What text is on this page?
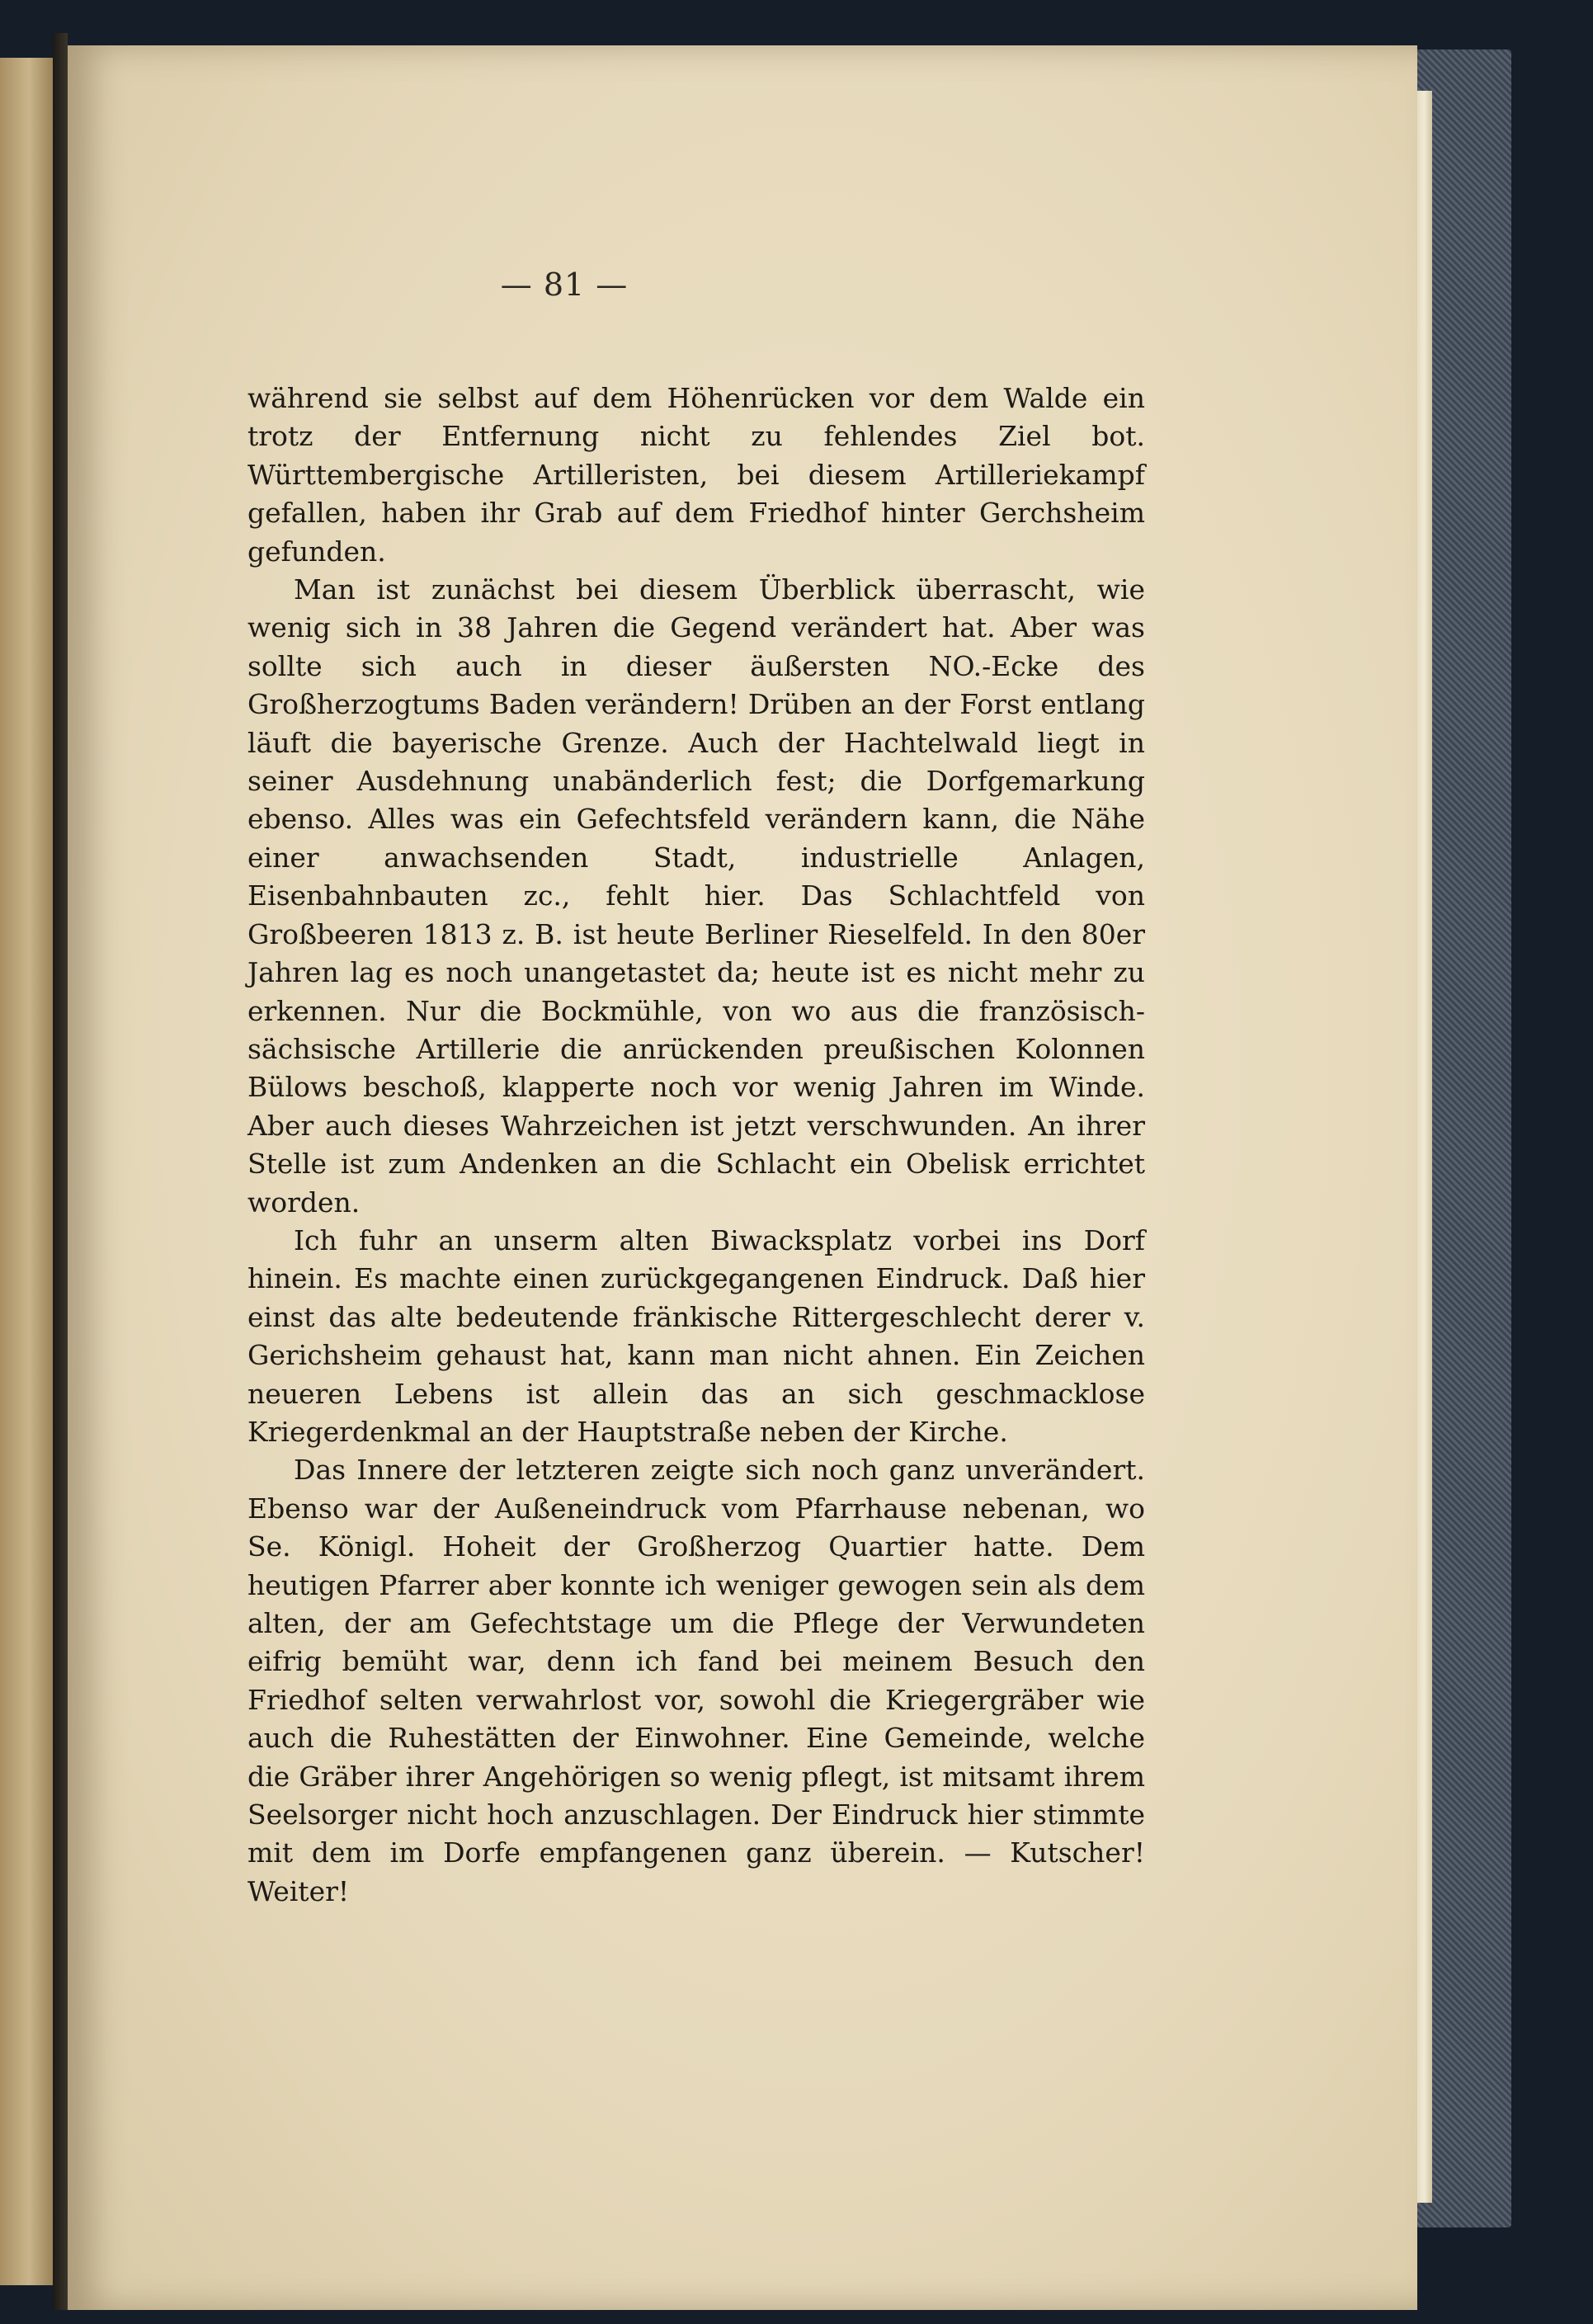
— 81 —

während sie selbst auf dem Höhenrücken vor dem Walde ein trotz der Entfernung nicht zu fehlendes Ziel bot. Württembergische Artilleristen, bei diesem Artilleriekampf gefallen, haben ihr Grab auf dem Friedhof hinter Gerchsheim gefunden.

Man ist zunächst bei diesem Überblick überrascht, wie wenig sich in 38 Jahren die Gegend verändert hat. Aber was sollte sich auch in dieser äußersten NO.-Ecke des Großherzogtums Baden verändern! Drüben an der Forst entlang läuft die bayerische Grenze. Auch der Hachtelwald liegt in seiner Ausdehnung unabänderlich fest; die Dorfgemarkung ebenso. Alles was ein Gefechtsfeld verändern kann, die Nähe einer anwachsenden Stadt, industrielle Anlagen, Eisenbahnbauten zc., fehlt hier. Das Schlachtfeld von Großbeeren 1813 z. B. ist heute Berliner Rieselfeld. In den 80er Jahren lag es noch unangetastet da; heute ist es nicht mehr zu erkennen. Nur die Bockmühle, von wo aus die französisch-sächsische Artillerie die anrückenden preußischen Kolonnen Bülows beschoß, klapperte noch vor wenig Jahren im Winde. Aber auch dieses Wahrzeichen ist jetzt verschwunden. An ihrer Stelle ist zum Andenken an die Schlacht ein Obelisk errichtet worden.

Ich fuhr an unserm alten Biwacksplatz vorbei ins Dorf hinein. Es machte einen zurückgegangenen Eindruck. Daß hier einst das alte bedeutende fränkische Rittergeschlecht derer v. Gerichsheim gehaust hat, kann man nicht ahnen. Ein Zeichen neueren Lebens ist allein das an sich geschmacklose Kriegerdenkmal an der Hauptstraße neben der Kirche.

Das Innere der letzteren zeigte sich noch ganz unverändert. Ebenso war der Außeneindruck vom Pfarrhause nebenan, wo Se. Königl. Hoheit der Großherzog Quartier hatte. Dem heutigen Pfarrer aber konnte ich weniger gewogen sein als dem alten, der am Gefechtstage um die Pflege der Verwundeten eifrig bemüht war, denn ich fand bei meinem Besuch den Friedhof selten verwahrlost vor, sowohl die Kriegergräber wie auch die Ruhestätten der Einwohner. Eine Gemeinde, welche die Gräber ihrer Angehörigen so wenig pflegt, ist mitsamt ihrem Seelsorger nicht hoch anzuschlagen. Der Eindruck hier stimmte mit dem im Dorfe empfangenen ganz überein. — Kutscher! Weiter!
